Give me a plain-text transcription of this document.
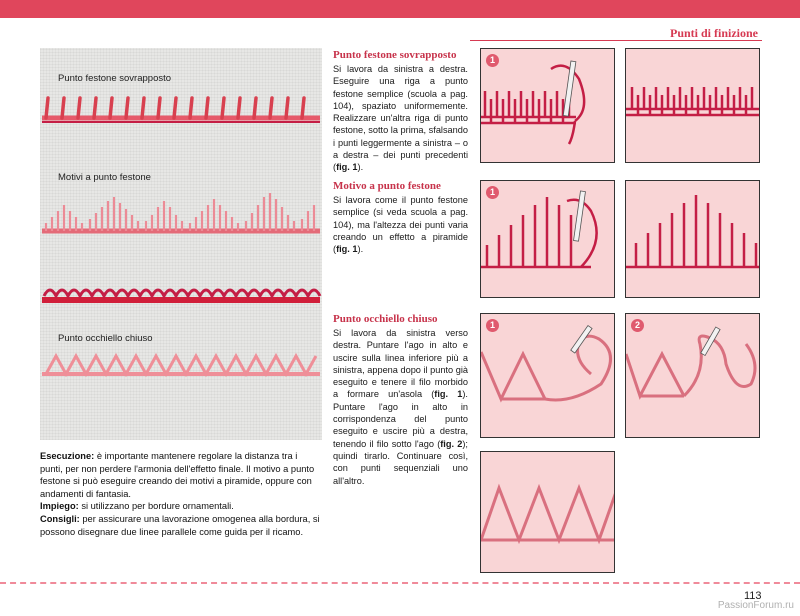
Punti di finizione
Punto festone sovrapposto
Motivi a punto festone
Punto occhiello chiuso

Esecuzione: è importante mantenere regolare la distanza tra i punti, per non perdere l'armonia dell'effetto finale. Il motivo a punto festone si può eseguire creando dei motivi a piramide, oppure con andamenti di fantasia.

Impiego: si utilizzano per bordure ornamentali.

Consigli: per assicurare una lavorazione omogenea alla bordura, si possono disegnare due linee parallele come guida per il ricamo.

Punto festone sovrapposto

Si lavora da sinistra a destra. Eseguire una riga a punto festone semplice (scuola a pag. 104), spaziato uniformemente. Realizzare un'altra riga di punto festone, sotto la prima, sfalsando i punti leggermente a sinistra – o a destra – dei punti precedenti (fig. 1).

Motivo a punto festone

Si lavora come il punto festone semplice (si veda scuola a pag. 104), ma l'altezza dei punti varia creando un effetto a piramide (fig. 1).

Punto occhiello chiuso

Si lavora da sinistra verso destra. Puntare l'ago in alto e uscire sulla linea inferiore più a sinistra, appena dopo il punto già eseguito e tenere il filo morbido a formare un'asola (fig. 1). Puntare l'ago in alto in corrispondenza del punto eseguito e uscire più a destra, tenendo il filo sotto l'ago (fig. 2); quindi tirarlo. Continuare così, con punti sequenziali uno all'altro.

1
1
1	2
113
PassionForum.ru
